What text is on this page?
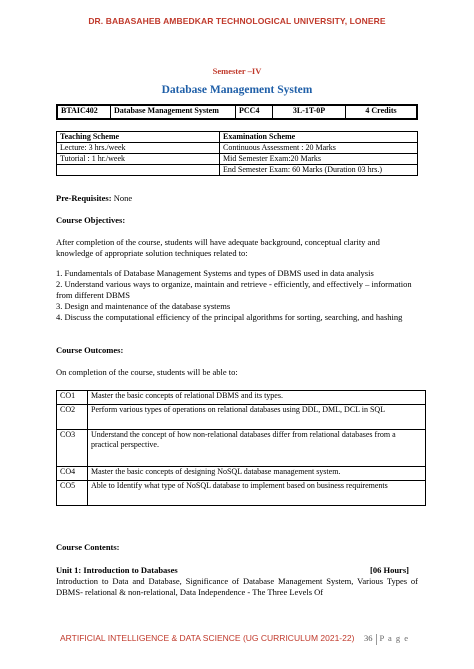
DR. BABASAHEB AMBEDKAR TECHNOLOGICAL UNIVERSITY, LONERE
Semester –IV
Database Management System
BTAIC402	Database Management System	PCC4	3L-1T-0P	4 Credits
Teaching Scheme	Examination Scheme
Lecture: 3 hrs./week	Continuous Assessment : 20 Marks
Tutorial : 1 hr./week	Mid Semester Exam:20 Marks
	End Semester Exam: 60 Marks (Duration 03 hrs.)
Pre-Requisites: None
Course Objectives:
After completion of the course, students will have adequate background, conceptual clarity and knowledge of appropriate solution techniques related to:
1. Fundamentals of Database Management Systems and types of DBMS used in data analysis
2. Understand various ways to organize, maintain and retrieve - efficiently, and effectively – information from different DBMS
3. Design and maintenance of the database systems
4. Discuss the computational efficiency of the principal algorithms for sorting, searching, and hashing
Course Outcomes:
On completion of the course, students will be able to:
CO1	Master the basic concepts of relational DBMS and its types.
CO2	Perform various types of operations on relational databases using DDL, DML, DCL in SQL
CO3	Understand the concept of how non-relational databases differ from relational databases from a practical perspective.
CO4	Master the basic concepts of designing NoSQL database management system.
CO5	Able to Identify what type of NoSQL database to implement based on business requirements
Course Contents:
Unit 1: Introduction to Databases	[06 Hours]
Introduction to Data and Database, Significance of Database Management System, Various Types of DBMS- relational & non-relational, Data Independence - The Three Levels Of
ARTIFICIAL INTELLIGENCE & DATA SCIENCE (UG CURRICULUM 2021-22) 36 P a g e
